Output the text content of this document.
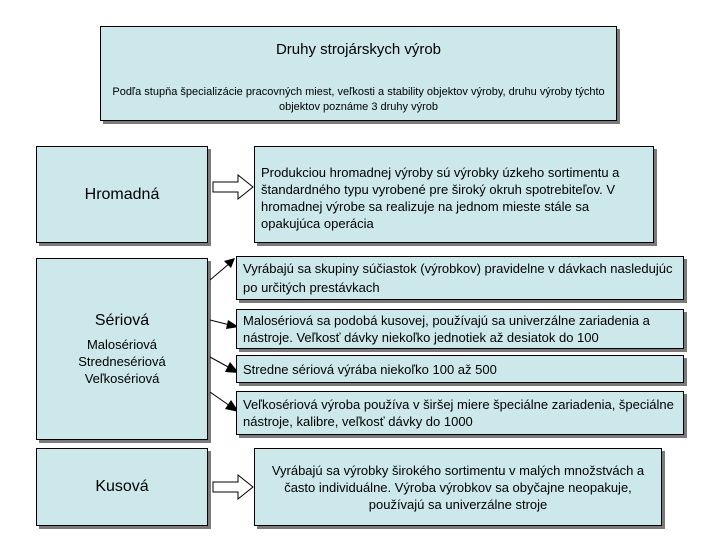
Druhy strojárskych výrob
Podľa stupňa špecializácie pracovných miest, veľkosti a stability objektov výroby, druhu výroby týchto objektov poznáme 3 druhy výrob
Hromadná
Produkciou hromadnej výroby sú výrobky úzkeho sortimentu a štandardného typu vyrobené pre široký okruh spotrebiteľov. V hromadnej výrobe sa realizuje na jednom mieste stále sa opakujúca operácia
Sériová
Malosériová
Strednesériová
Veľkosériová
Vyrábajú sa skupiny súčiastok (výrobkov) pravidelne v dávkach nasledujúc po určitých prestávkach
Malosériová sa podobá kusovej, používajú sa univerzálne zariadenia a nástroje. Veľkosť dávky niekoľko jednotiek až desiatok do 100
Stredne sériová výrába niekoľko 100 až 500
Veľkosériová výroba používa v širšej miere špeciálne zariadenia, špeciálne nástroje, kalibre, veľkosť dávky do 1000
Kusová
Vyrábajú sa výrobky širokého sortimentu v malých množstvách a často individuálne. Výroba výrobkov sa obyčajne neopakuje, používajú sa univerzálne stroje
